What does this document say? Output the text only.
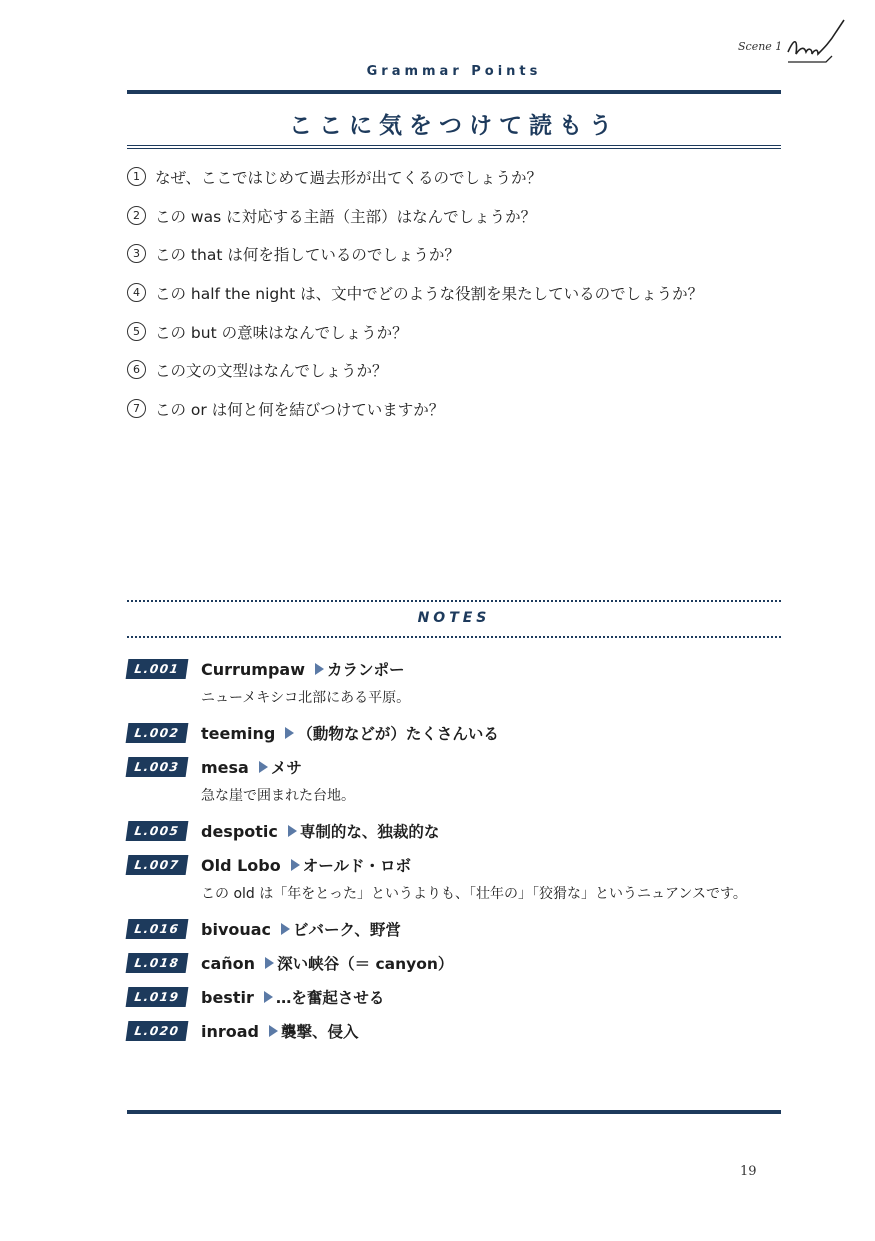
Scene 1
Grammar Points
ここに気をつけて読もう
1 なぜ、ここではじめて過去形が出てくるのでしょうか？
2 この was に対応する主語（主部）はなんでしょうか？
3 この that は何を指しているのでしょうか？
4 この half the night は、文中でどのような役割を果たしているのでしょうか？
5 この but の意味はなんでしょうか？
6 この文の文型はなんでしょうか？
7 この or は何と何を結びつけていますか？
NOTES
L.001	Currumpaw カランポー
ニューメキシコ北部にある平原。
L.002	teeming （動物などが）たくさんいる
L.003	mesa メサ
急な崖で囲まれた台地。
L.005	despotic 専制的な、独裁的な
L.007	Old Lobo オールド・ロボ
この old は「年をとった」というよりも、「壮年の」「狡猾な」というニュアンスです。
L.016	bivouac ビバーク、野営
L.018	cañon 深い峡谷（＝ canyon）
L.019	bestir …を奮起させる
L.020	inroad 襲撃、侵入
19
